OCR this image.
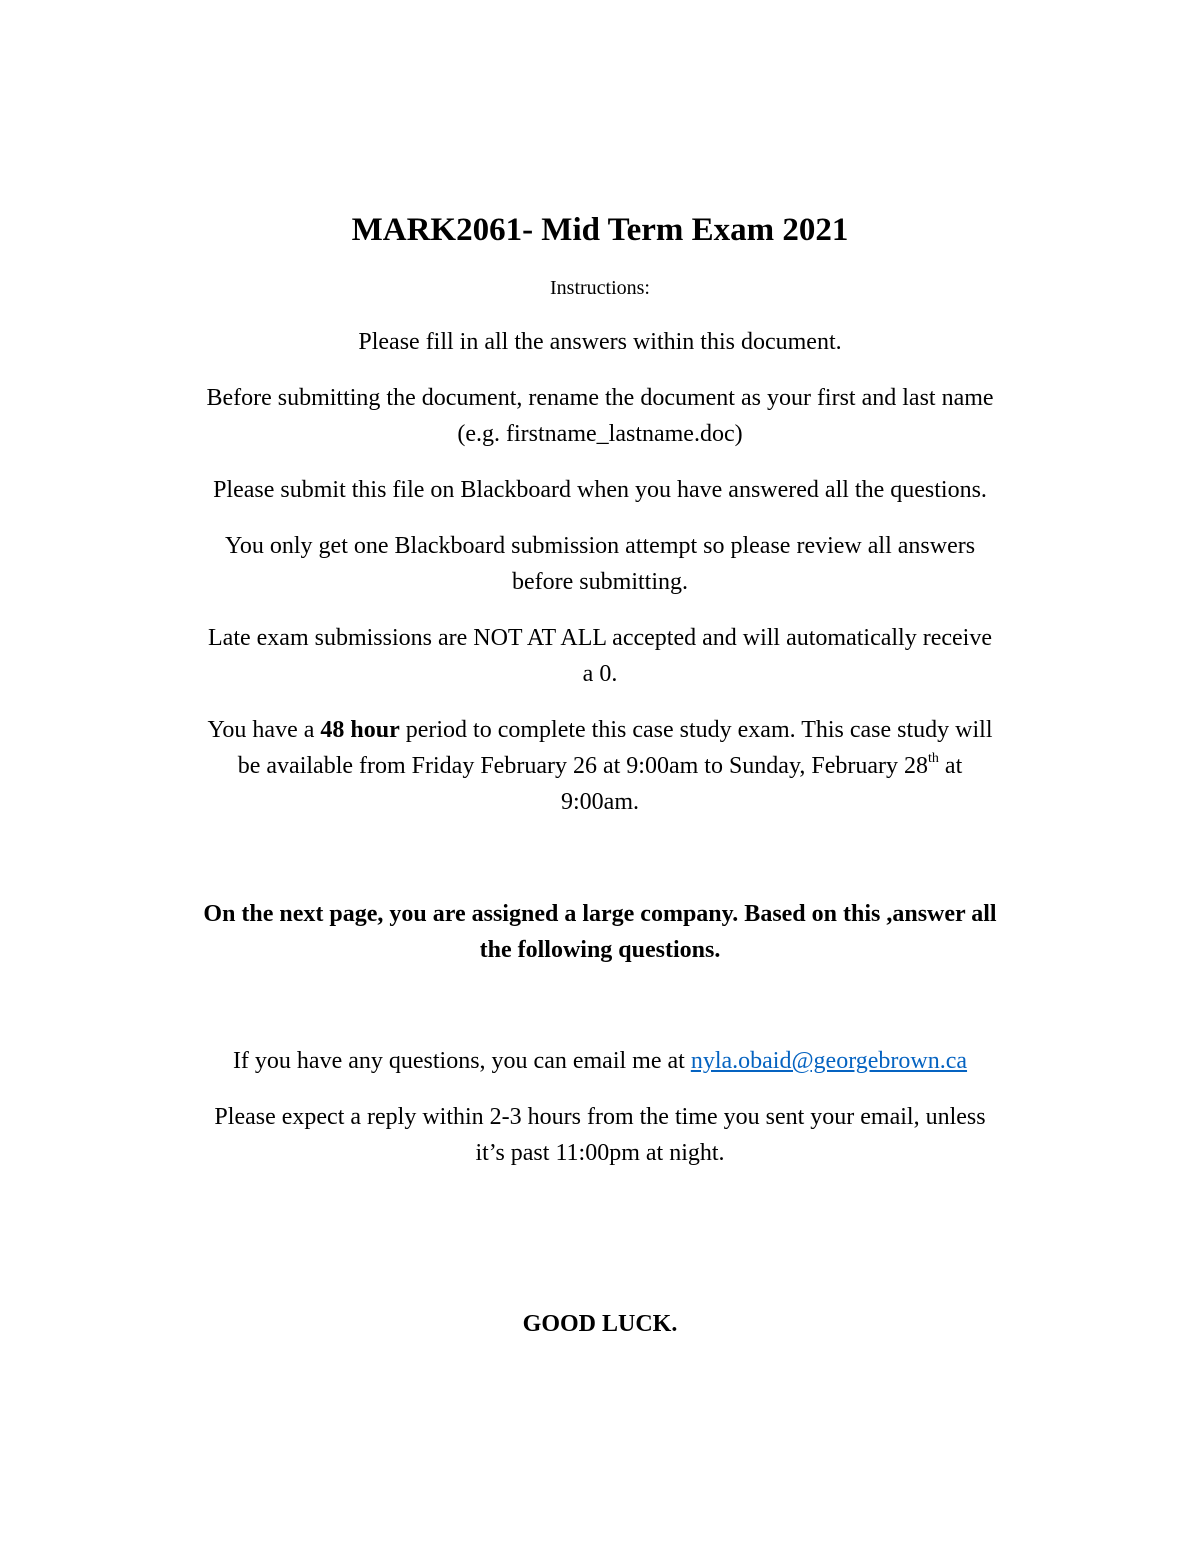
MARK2061- Mid Term Exam 2021
Instructions:
Please fill in all the answers within this document.
Before submitting the document, rename the document as your first and last name
(e.g. firstname_lastname.doc)
Please submit this file on Blackboard when you have answered all the questions.
You only get one Blackboard submission attempt so please review all answers
before submitting.
Late exam submissions are NOT AT ALL accepted and will automatically receive
a 0.
You have a 48 hour period to complete this case study exam. This case study will
be available from Friday February 26 at 9:00am to Sunday, February 28th at
9:00am.
On the next page, you are assigned a large company. Based on this ,answer all
the following questions.
If you have any questions, you can email me at nyla.obaid@georgebrown.ca
Please expect a reply within 2-3 hours from the time you sent your email, unless
it’s past 11:00pm at night.
GOOD LUCK.
